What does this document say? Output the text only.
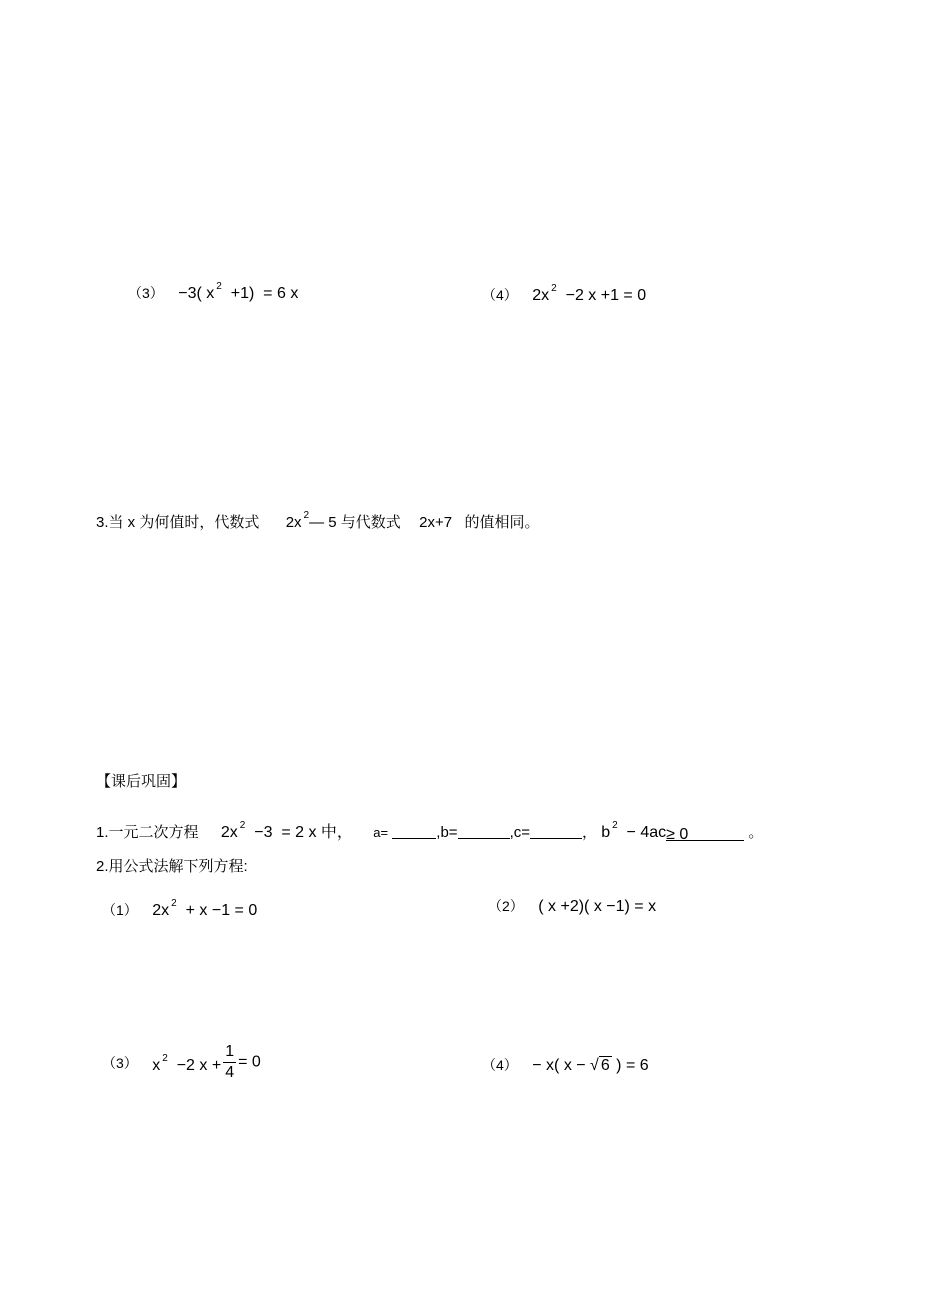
（3） −3( x $^2$  +1)  = 6 x	（4） 2x $^2$  −2 x +1 = 0
3.当 x 为何值时，代数式 2x $^2$— 5 与代数式 2x+7 的值相同。
【课后巩固】
1.一元二次方程 2x $^2$  −3  = 2 x 中， a=	,b=	,c=	， b $^2$  − 4ac≥ 0	。
2.用公式法解下列方程:
（1） 2x $^2$  + x −1 = 0	（2） ( x +2)( x −1) = x
（3） x $^2$  −2 $x + \frac{1}{4} = 0$	（4） − x( x − √ 6 ) = 6
